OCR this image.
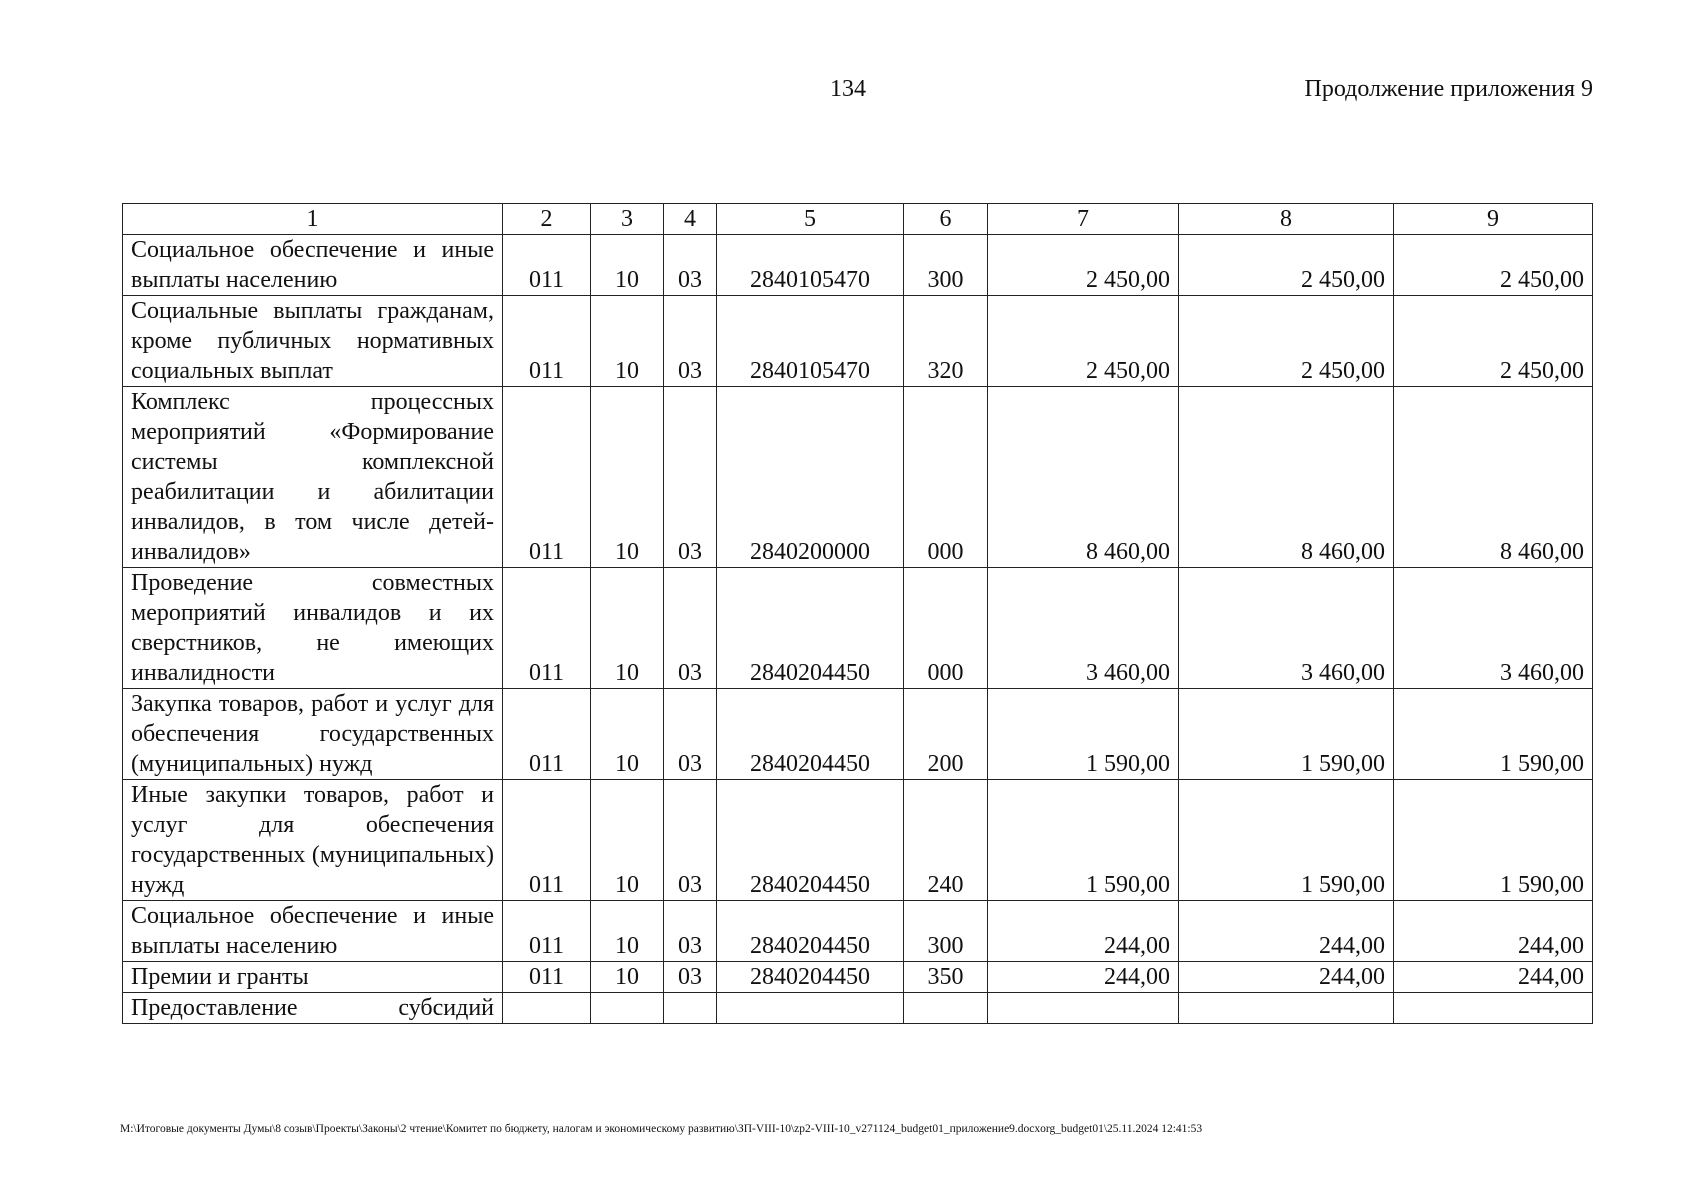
134	Продолжение приложения 9
1	2	3	4	5	6	7	8	9
Социальное обеспечение и иные выплаты населению	011	10	03	2840105470	300	2 450,00	2 450,00	2 450,00
Социальные выплаты гражданам, кроме публичных нормативных социальных выплат	011	10	03	2840105470	320	2 450,00	2 450,00	2 450,00
Комплекс процессных мероприятий «Формирование системы комплексной реабилитации и абилитации инвалидов, в том числе детей-инвалидов»	011	10	03	2840200000	000	8 460,00	8 460,00	8 460,00
Проведение совместных мероприятий инвалидов и их сверстников, не имеющих инвалидности	011	10	03	2840204450	000	3 460,00	3 460,00	3 460,00
Закупка товаров, работ и услуг для обеспечения государственных (муниципальных) нужд	011	10	03	2840204450	200	1 590,00	1 590,00	1 590,00
Иные закупки товаров, работ и услуг для обеспечения государственных (муниципальных) нужд	011	10	03	2840204450	240	1 590,00	1 590,00	1 590,00
Социальное обеспечение и иные выплаты населению	011	10	03	2840204450	300	244,00	244,00	244,00
Премии и гранты	011	10	03	2840204450	350	244,00	244,00	244,00
Предоставление субсидий								
М:\Итоговые документы Думы\8 созыв\Проекты\Законы\2 чтение\Комитет по бюджету, налогам и экономическому развитию\ЗП-VIII-10\zp2-VIII-10_v271124_budget01_приложение9.docxorg_budget01\25.11.2024 12:41:53
